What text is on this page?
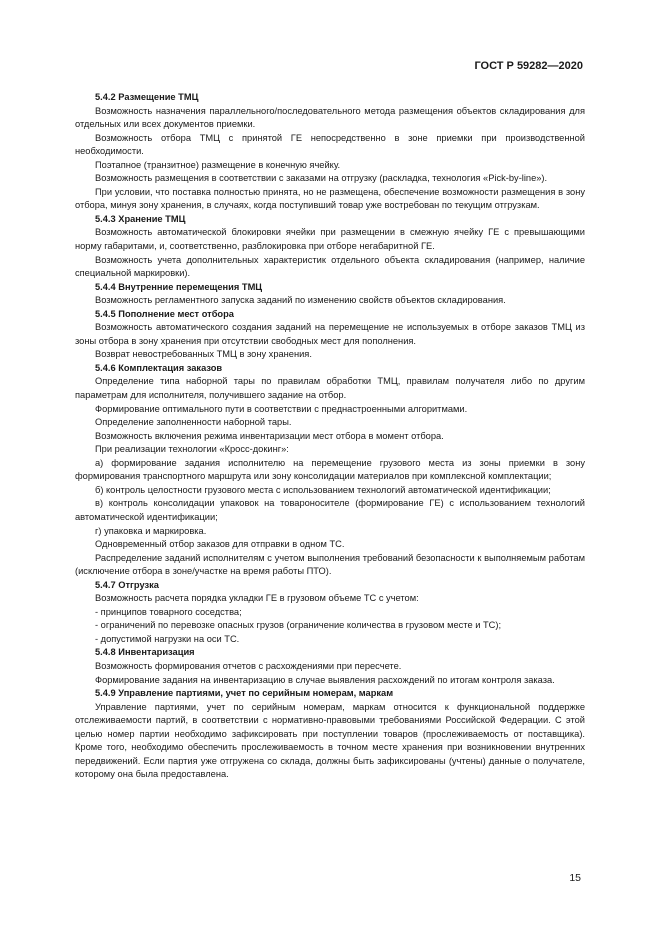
ГОСТ Р 59282—2020

5.4.2 Размещение ТМЦ

Возможность назначения параллельного/последовательного метода размещения объектов складирования для отдельных или всех документов приемки.

Возможность отбора ТМЦ с принятой ГЕ непосредственно в зоне приемки при производственной необходимости.

Поэтапное (транзитное) размещение в конечную ячейку.

Возможность размещения в соответствии с заказами на отгрузку (раскладка, технология «Pick-by-line»).

При условии, что поставка полностью принята, но не размещена, обеспечение возможности размещения в зону отбора, минуя зону хранения, в случаях, когда поступивший товар уже востребован по текущим отгрузкам.

5.4.3 Хранение ТМЦ

Возможность автоматической блокировки ячейки при размещении в смежную ячейку ГЕ с превышающими норму габаритами, и, соответственно, разблокировка при отборе негабаритной ГЕ.

Возможность учета дополнительных характеристик отдельного объекта складирования (например, наличие специальной маркировки).

5.4.4 Внутренние перемещения ТМЦ

Возможность регламентного запуска заданий по изменению свойств объектов складирования.

5.4.5 Пополнение мест отбора

Возможность автоматического создания заданий на перемещение не используемых в отборе заказов ТМЦ из зоны отбора в зону хранения при отсутствии свободных мест для пополнения.

Возврат невостребованных ТМЦ в зону хранения.

5.4.6 Комплектация заказов

Определение типа наборной тары по правилам обработки ТМЦ, правилам получателя либо по другим параметрам для исполнителя, получившего задание на отбор.

Формирование оптимального пути в соответствии с преднастроенными алгоритмами.

Определение заполненности наборной тары.

Возможность включения режима инвентаризации мест отбора в момент отбора.

При реализации технологии «Кросс-докинг»:

а) формирование задания исполнителю на перемещение грузового места из зоны приемки в зону формирования транспортного маршрута или зону консолидации материалов при комплексной комплектации;

б) контроль целостности грузового места с использованием технологий автоматической идентификации;

в) контроль консолидации упаковок на товароносителе (формирование ГЕ) с использованием технологий автоматической идентификации;

г) упаковка и маркировка.

Одновременный отбор заказов для отправки в одном ТС.

Распределение заданий исполнителям с учетом выполнения требований безопасности к выполняемым работам (исключение отбора в зоне/участке на время работы ПТО).

5.4.7 Отгрузка

Возможность расчета порядка укладки ГЕ в грузовом объеме ТС с учетом:

- принципов товарного соседства;

- ограничений по перевозке опасных грузов (ограничение количества в грузовом месте и ТС);

- допустимой нагрузки на оси ТС.

5.4.8 Инвентаризация

Возможность формирования отчетов с расхождениями при пересчете.

Формирование задания на инвентаризацию в случае выявления расхождений по итогам контроля заказа.

5.4.9 Управление партиями, учет по серийным номерам, маркам

Управление партиями, учет по серийным номерам, маркам относится к функциональной поддержке отслеживаемости партий, в соответствии с нормативно-правовыми требованиями Российской Федерации. С этой целью номер партии необходимо зафиксировать при поступлении товаров (прослеживаемость от поставщика). Кроме того, необходимо обеспечить прослеживаемость в точном месте хранения при возникновении внутренних передвижений. Если партия уже отгружена со склада, должны быть зафиксированы (учтены) данные о получателе, которому она была предоставлена.

15
